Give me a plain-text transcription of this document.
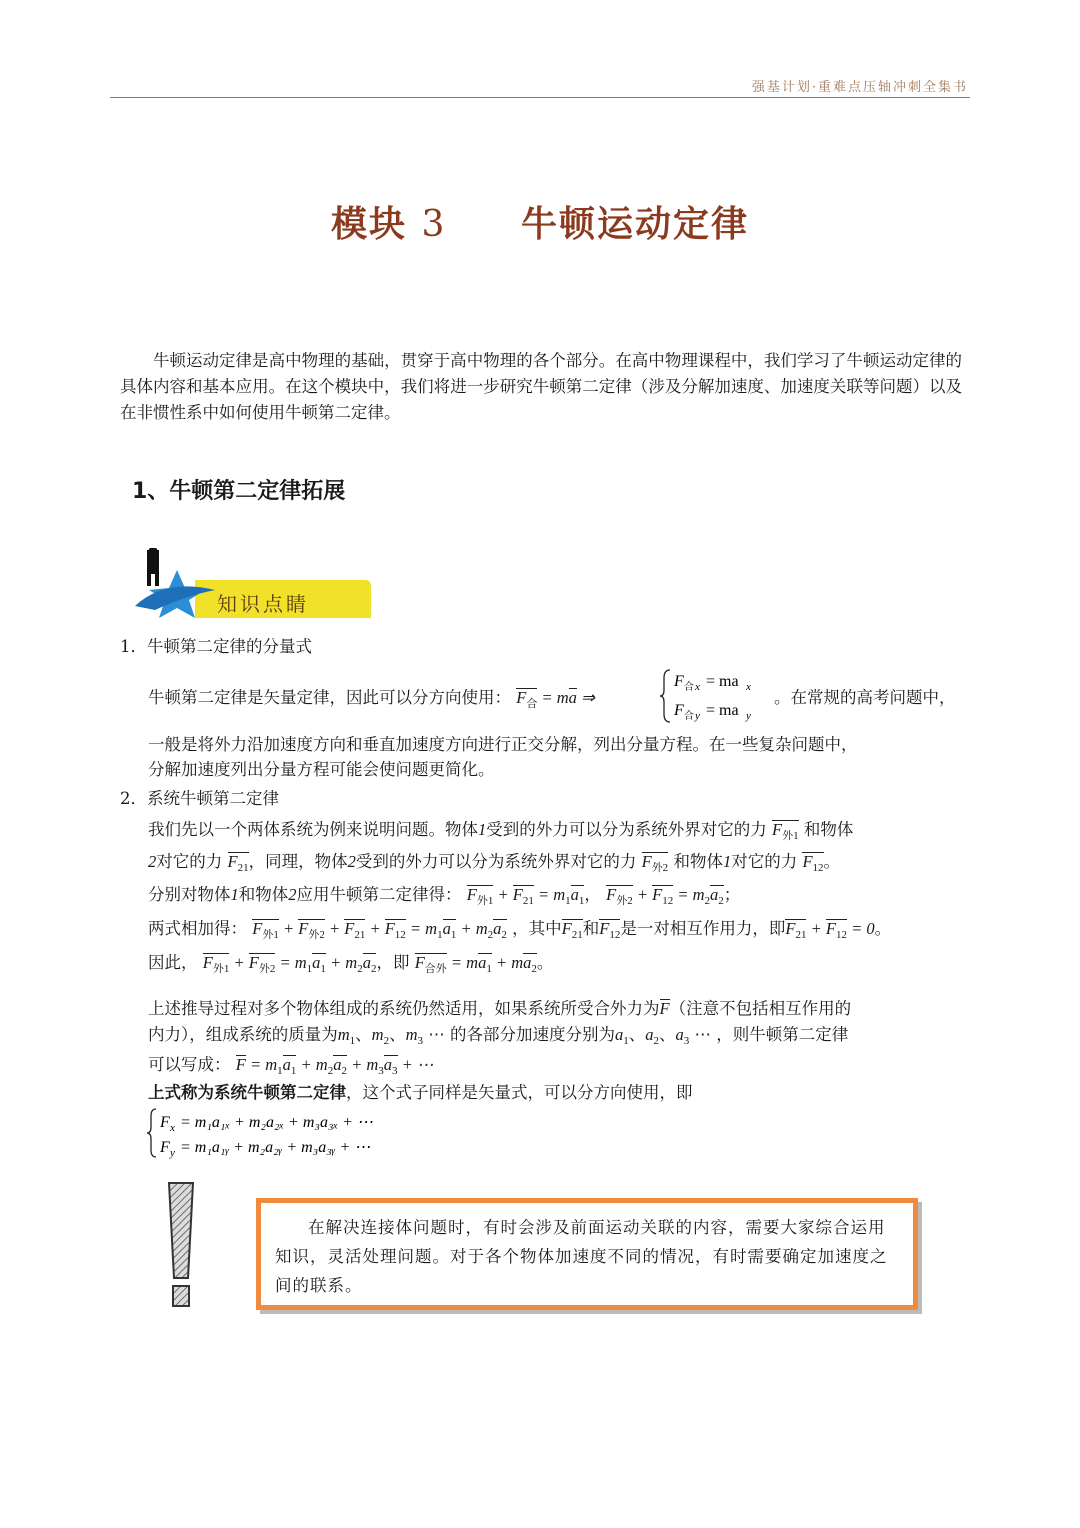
强基计划·重难点压轴冲刺全集书
模块 3 牛顿运动定律
牛顿运动定律是高中物理的基础，贯穿于高中物理的各个部分。在高中物理课程中，我们学习了牛顿运动定律的具体内容和基本应用。在这个模块中，我们将进一步研究牛顿第二定律（涉及分解加速度、加速度关联等问题）以及在非惯性系中如何使用牛顿第二定律。
1、牛顿第二定律拓展
知识点睛
1．牛顿第二定律的分量式
牛顿第二定律是矢量定律，因此可以分方向使用： $F_合$ = ma ⇒
F 合 x = ma x
F 合 y = ma y
。在常规的高考问题中，
一般是将外力沿加速度方向和垂直加速度方向进行正交分解，列出分量方程。在一些复杂问题中，
分解加速度列出分量方程可能会使问题更简化。
2．系统牛顿第二定律
我们先以一个两体系统为例来说明问题。物体1受到的外力可以分为系统外界对它的力 $F_{外1}$ 和物体
2对它的力 $F_{21}$，同理，物体2受到的外力可以分为系统外界对它的力 $F_{外2}$ 和物体1对它的力 $F_{12}$。
分别对物体1和物体2应用牛顿第二定律得： $F_{外1} + F_{21} = m_1a_1$， $F_{外2} + F_{12} = m_2a_2$；
两式相加得： $F_{外1} + F_{外2} + F_{21} + F_{12} = m_1a_1 + m_2a_2$ ，其中$F_{21}$和$F_{12}$是一对相互作用力，即$F_{21} + F_{12} = 0$。
因此， $F_{外1} + F_{外2} = m_1a_1 + m_2a_2$，即 $F_{合外} = ma_1 + ma_2$。
上述推导过程对多个物体组成的系统仍然适用，如果系统所受合外力为F（注意不包括相互作用的
内力），组成系统的质量为$m_1$、$m_2$、$m_3$ ⋯ 的各部分加速度分别为$a_1$、$a_2$、$a_3$ ⋯ ，则牛顿第二定律
可以写成： $F = m_1a_1 + m_2a_2 + m_3a_3$ + ⋯
上式称为系统牛顿第二定律，这个式子同样是矢量式，可以分方向使用，即
F x = m₁a₁ₓ + m₂a₂ₓ + m₃a₃ₓ + ⋯
F y = m₁a₁ᵧ + m₂a₂ᵧ + m₃a₃ᵧ + ⋯
在解决连接体问题时，有时会涉及前面运动关联的内容，需要大家综合运用知识，灵活处理问题。对于各个物体加速度不同的情况，有时需要确定加速度之间的联系。
